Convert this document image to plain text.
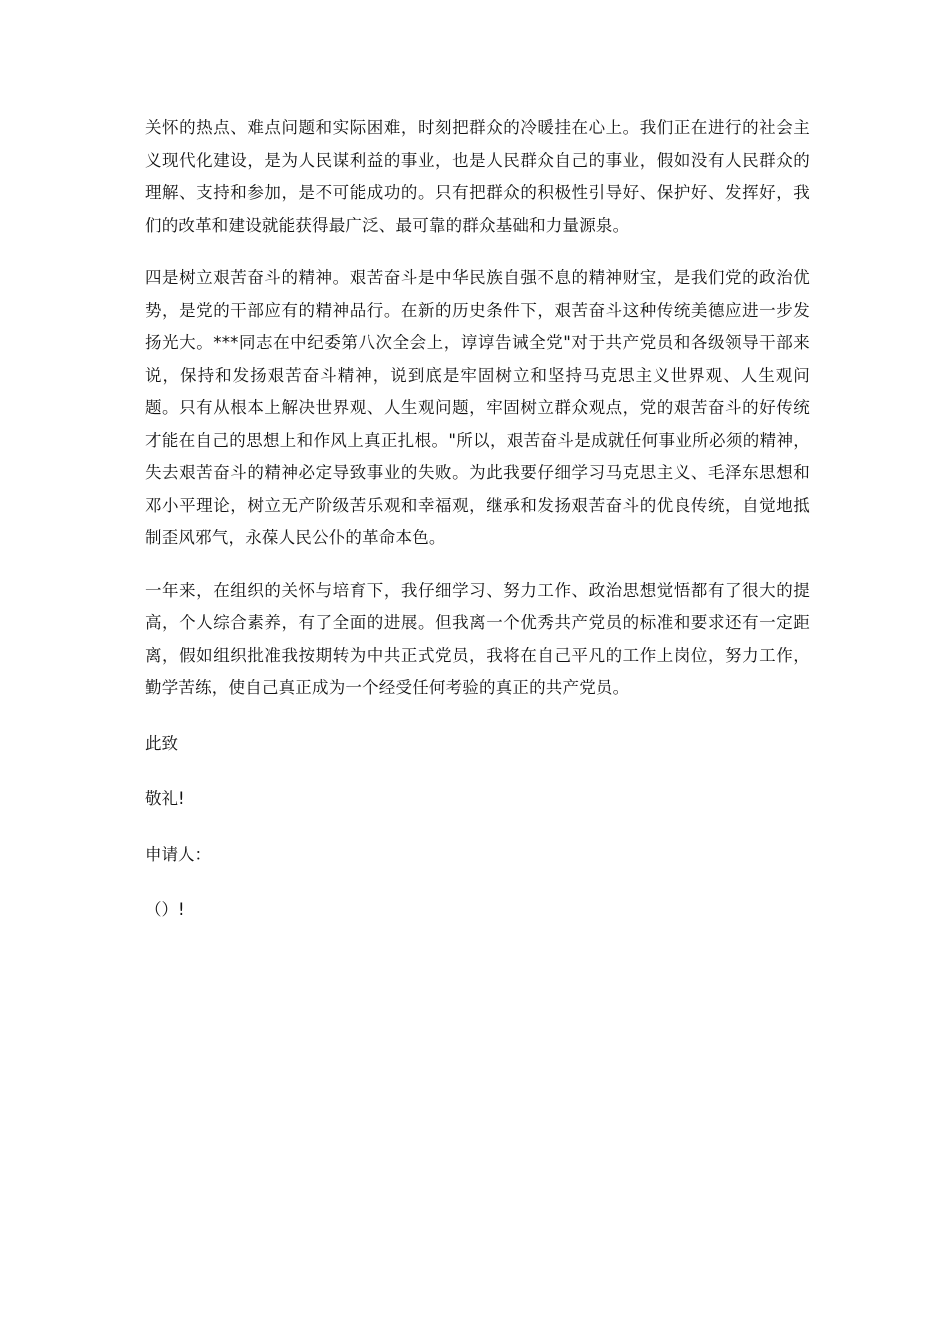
关怀的热点、难点问题和实际困难，时刻把群众的冷暖挂在心上。我们正在进行的社会主义现代化建设，是为人民谋利益的事业，也是人民群众自己的事业，假如没有人民群众的理解、支持和参加，是不可能成功的。只有把群众的积极性引导好、保护好、发挥好，我们的改革和建设就能获得最广泛、最可靠的群众基础和力量源泉。

四是树立艰苦奋斗的精神。艰苦奋斗是中华民族自强不息的精神财宝，是我们党的政治优势，是党的干部应有的精神品行。在新的历史条件下，艰苦奋斗这种传统美德应进一步发扬光大。***同志在中纪委第八次全会上，谆谆告诫全党"对于共产党员和各级领导干部来说，保持和发扬艰苦奋斗精神，说到底是牢固树立和坚持马克思主义世界观、人生观问题。只有从根本上解决世界观、人生观问题，牢固树立群众观点，党的艰苦奋斗的好传统才能在自己的思想上和作风上真正扎根。"所以，艰苦奋斗是成就任何事业所必须的精神，失去艰苦奋斗的精神必定导致事业的失败。为此我要仔细学习马克思主义、毛泽东思想和邓小平理论，树立无产阶级苦乐观和幸福观，继承和发扬艰苦奋斗的优良传统，自觉地抵制歪风邪气，永葆人民公仆的革命本色。

一年来，在组织的关怀与培育下，我仔细学习、努力工作、政治思想觉悟都有了很大的提高，个人综合素养，有了全面的进展。但我离一个优秀共产党员的标准和要求还有一定距离，假如组织批准我按期转为中共正式党员，我将在自己平凡的工作上岗位，努力工作，勤学苦练，使自己真正成为一个经受任何考验的真正的共产党员。

此致

敬礼!

申请人：

（）!
